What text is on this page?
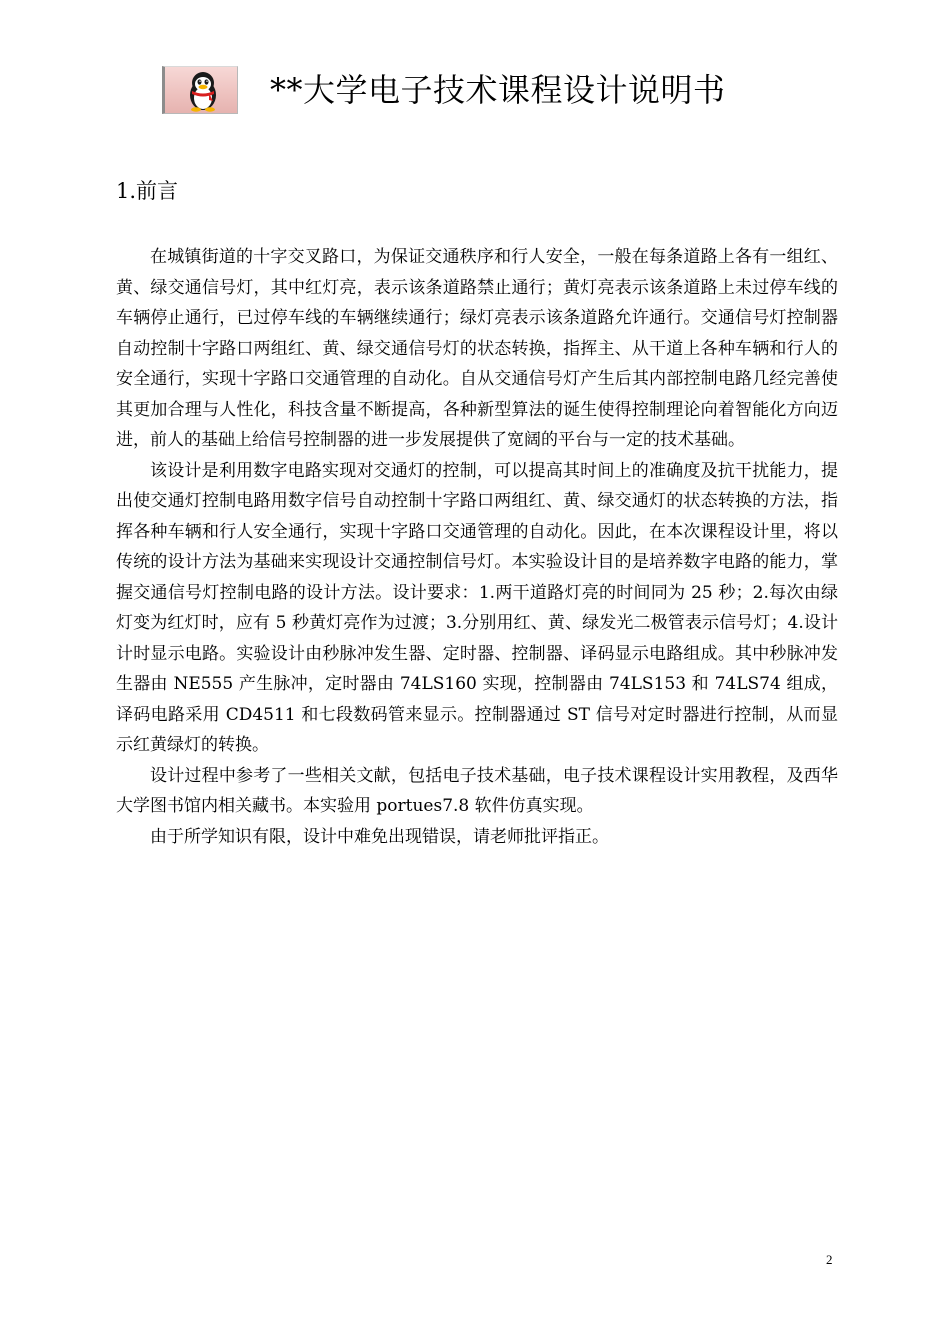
**大学电子技术课程设计说明书
1.前言

在城镇街道的十字交叉路口，为保证交通秩序和行人安全，一般在每条道路上各有一组红、黄、绿交通信号灯，其中红灯亮，表示该条道路禁止通行；黄灯亮表示该条道路上未过停车线的车辆停止通行，已过停车线的车辆继续通行；绿灯亮表示该条道路允许通行。交通信号灯控制器自动控制十字路口两组红、黄、绿交通信号灯的状态转换，指挥主、从干道上各种车辆和行人的安全通行，实现十字路口交通管理的自动化。自从交通信号灯产生后其内部控制电路几经完善使其更加合理与人性化，科技含量不断提高，各种新型算法的诞生使得控制理论向着智能化方向迈进，前人的基础上给信号控制器的进一步发展提供了宽阔的平台与一定的技术基础。

该设计是利用数字电路实现对交通灯的控制，可以提高其时间上的准确度及抗干扰能力，提出使交通灯控制电路用数字信号自动控制十字路口两组红、黄、绿交通灯的状态转换的方法，指挥各种车辆和行人安全通行，实现十字路口交通管理的自动化。因此，在本次课程设计里，将以传统的设计方法为基础来实现设计交通控制信号灯。本实验设计目的是培养数字电路的能力，掌握交通信号灯控制电路的设计方法。设计要求：1.两干道路灯亮的时间同为 25 秒；2.每次由绿灯变为红灯时，应有 5 秒黄灯亮作为过渡；3.分别用红、黄、绿发光二极管表示信号灯；4.设计计时显示电路。实验设计由秒脉冲发生器、定时器、控制器、译码显示电路组成。其中秒脉冲发生器由 NE555 产生脉冲，定时器由 74LS160 实现，控制器由 74LS153 和 74LS74 组成，译码电路采用 CD4511 和七段数码管来显示。控制器通过 ST 信号对定时器进行控制，从而显示红黄绿灯的转换。

设计过程中参考了一些相关文献，包括电子技术基础，电子技术课程设计实用教程，及西华大学图书馆内相关藏书。本实验用 portues7.8 软件仿真实现。

由于所学知识有限，设计中难免出现错误，请老师批评指正。

2
